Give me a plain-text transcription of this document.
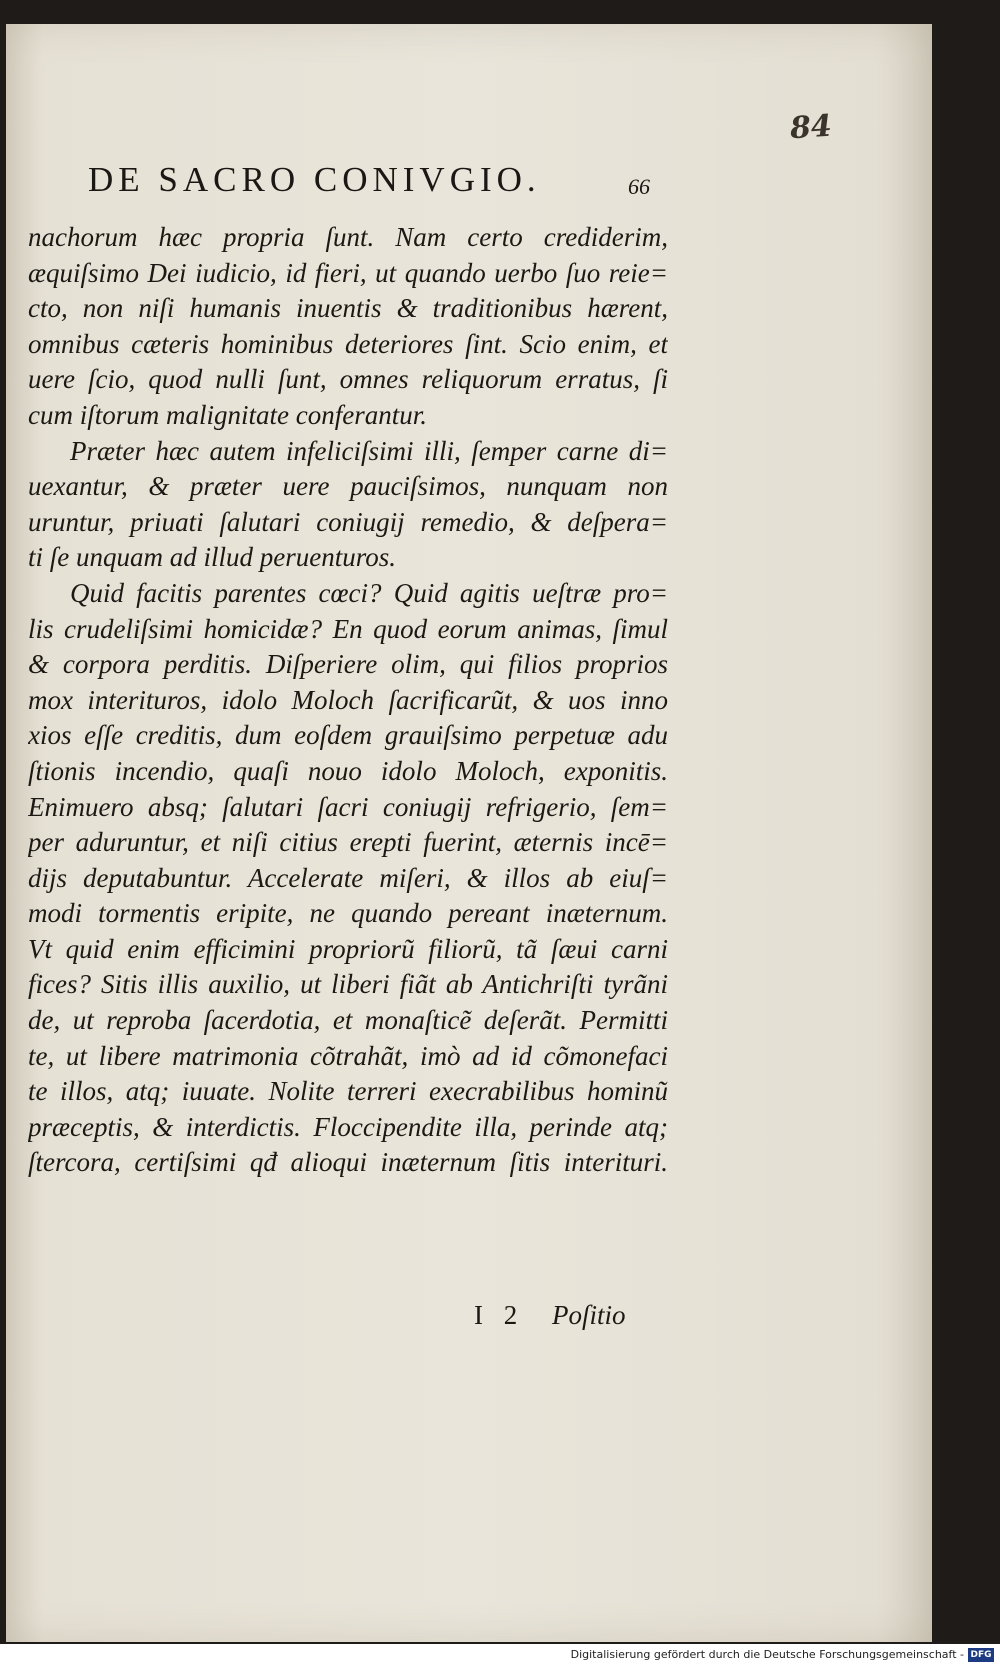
84
DE SACRO CONIVGIO.	66
nachorum hæc propria ſunt. Nam certo crediderim,
æquiſsimo Dei iudicio, id fieri, ut quando uerbo ſuo reie=
cto, non niſi humanis inuentis & traditionibus hærent,
omnibus cæteris hominibus deteriores ſint. Scio enim, et
uere ſcio, quod nulli ſunt, omnes reliquorum erratus, ſi
cum iſtorum malignitate conferantur.
Præter hæc autem infeliciſsimi illi, ſemper carne di=
uexantur, & præter uere pauciſsimos, nunquam non
uruntur, priuati ſalutari coniugij remedio, & deſpera=
ti ſe unquam ad illud peruenturos.
Quid facitis parentes cœci? Quid agitis ueſtræ pro=
lis crudeliſsimi homicidæ? En quod eorum animas, ſimul
& corpora perditis. Diſperiere olim, qui filios proprios
mox interituros, idolo Moloch ſacrificarũt, & uos inno
xios eſſe creditis, dum eoſdem grauiſsimo perpetuæ adu
ſtionis incendio, quaſi nouo idolo Moloch, exponitis.
Enimuero absq; ſalutari ſacri coniugij refrigerio, ſem=
per aduruntur, et niſi citius erepti fuerint, æternis incē=
dijs deputabuntur. Accelerate miſeri, & illos ab eiuſ=
modi tormentis eripite, ne quando pereant inæternum.
Vt quid enim efficimini propriorũ filiorũ, tã ſæui carni
fices? Sitis illis auxilio, ut liberi fiãt ab Antichriſti tyrãni
de, ut reproba ſacerdotia, et monaſticẽ deſerãt. Permitti
te, ut libere matrimonia cõtrahãt, imò ad id cõmonefaci
te illos, atq; iuuate. Nolite terreri execrabilibus hominũ
præceptis, & interdictis. Floccipendite illa, perinde atq;
ſtercora, certiſsimi qđ alioqui inæternum ſitis interituri.
I 2 Poſitio
Digitalisierung gefördert durch die Deutsche Forschungsgemeinschaft - DFG
